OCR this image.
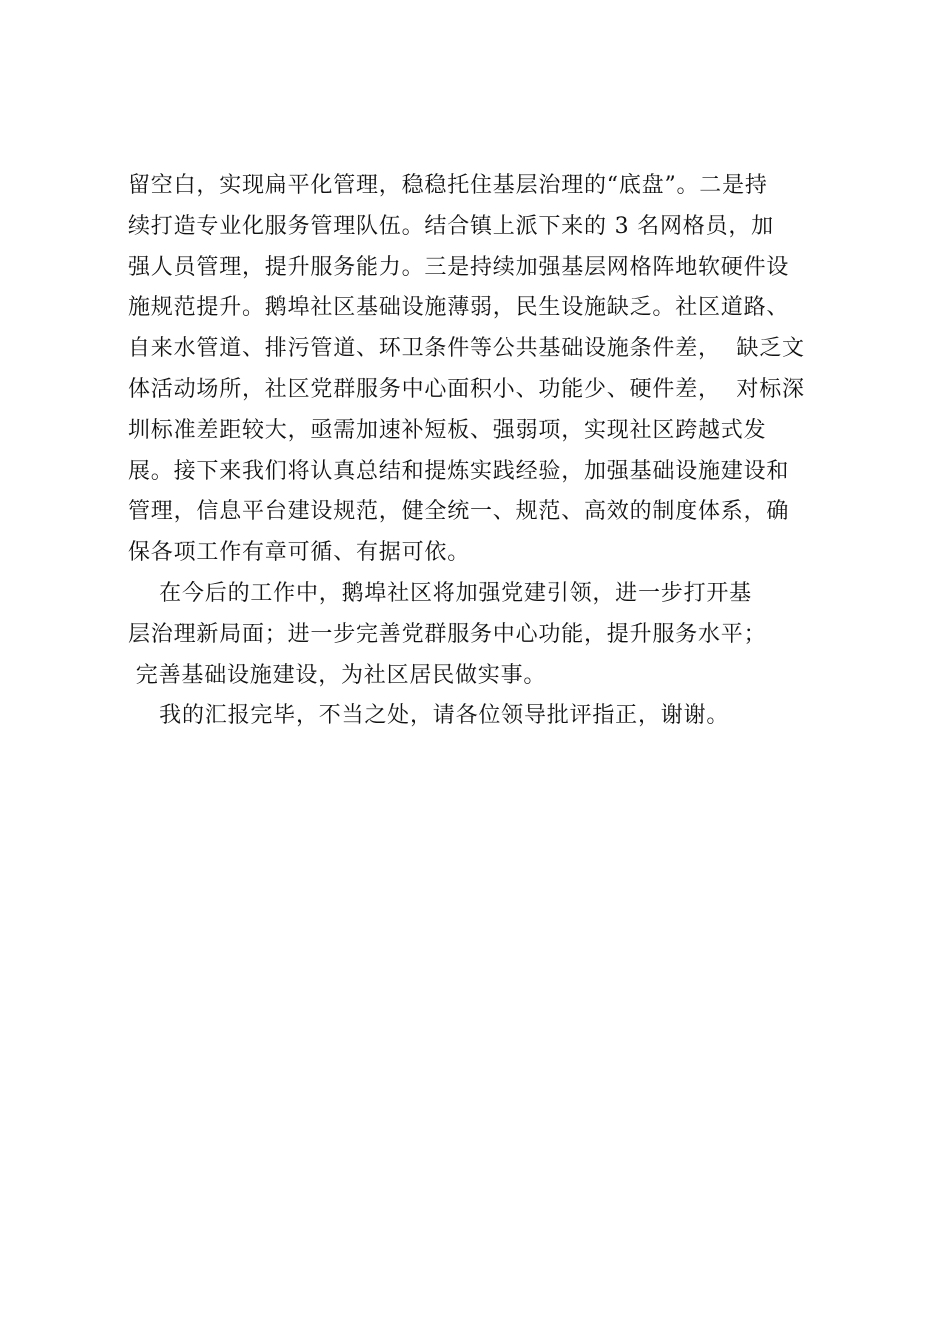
留空白，实现扁平化管理，稳稳托住基层治理的“底盘”。二是持
续打造专业化服务管理队伍。结合镇上派下来的 3 名网格员，加
强人员管理，提升服务能力。三是持续加强基层网格阵地软硬件设
施规范提升。鹅埠社区基础设施薄弱，民生设施缺乏。社区道路、
自来水管道、排污管道、环卫条件等公共基础设施条件差，  缺乏文
体活动场所，社区党群服务中心面积小、功能少、硬件差，  对标深
圳标准差距较大，亟需加速补短板、强弱项，实现社区跨越式发
展。接下来我们将认真总结和提炼实践经验，加强基础设施建设和
管理，信息平台建设规范，健全统一、规范、高效的制度体系，确
保各项工作有章可循、有据可依。
在今后的工作中，鹅埠社区将加强党建引领，进一步打开基
层治理新局面；进一步完善党群服务中心功能，提升服务水平；
完善基础设施建设，为社区居民做实事。
我的汇报完毕，不当之处，请各位领导批评指正，谢谢。
